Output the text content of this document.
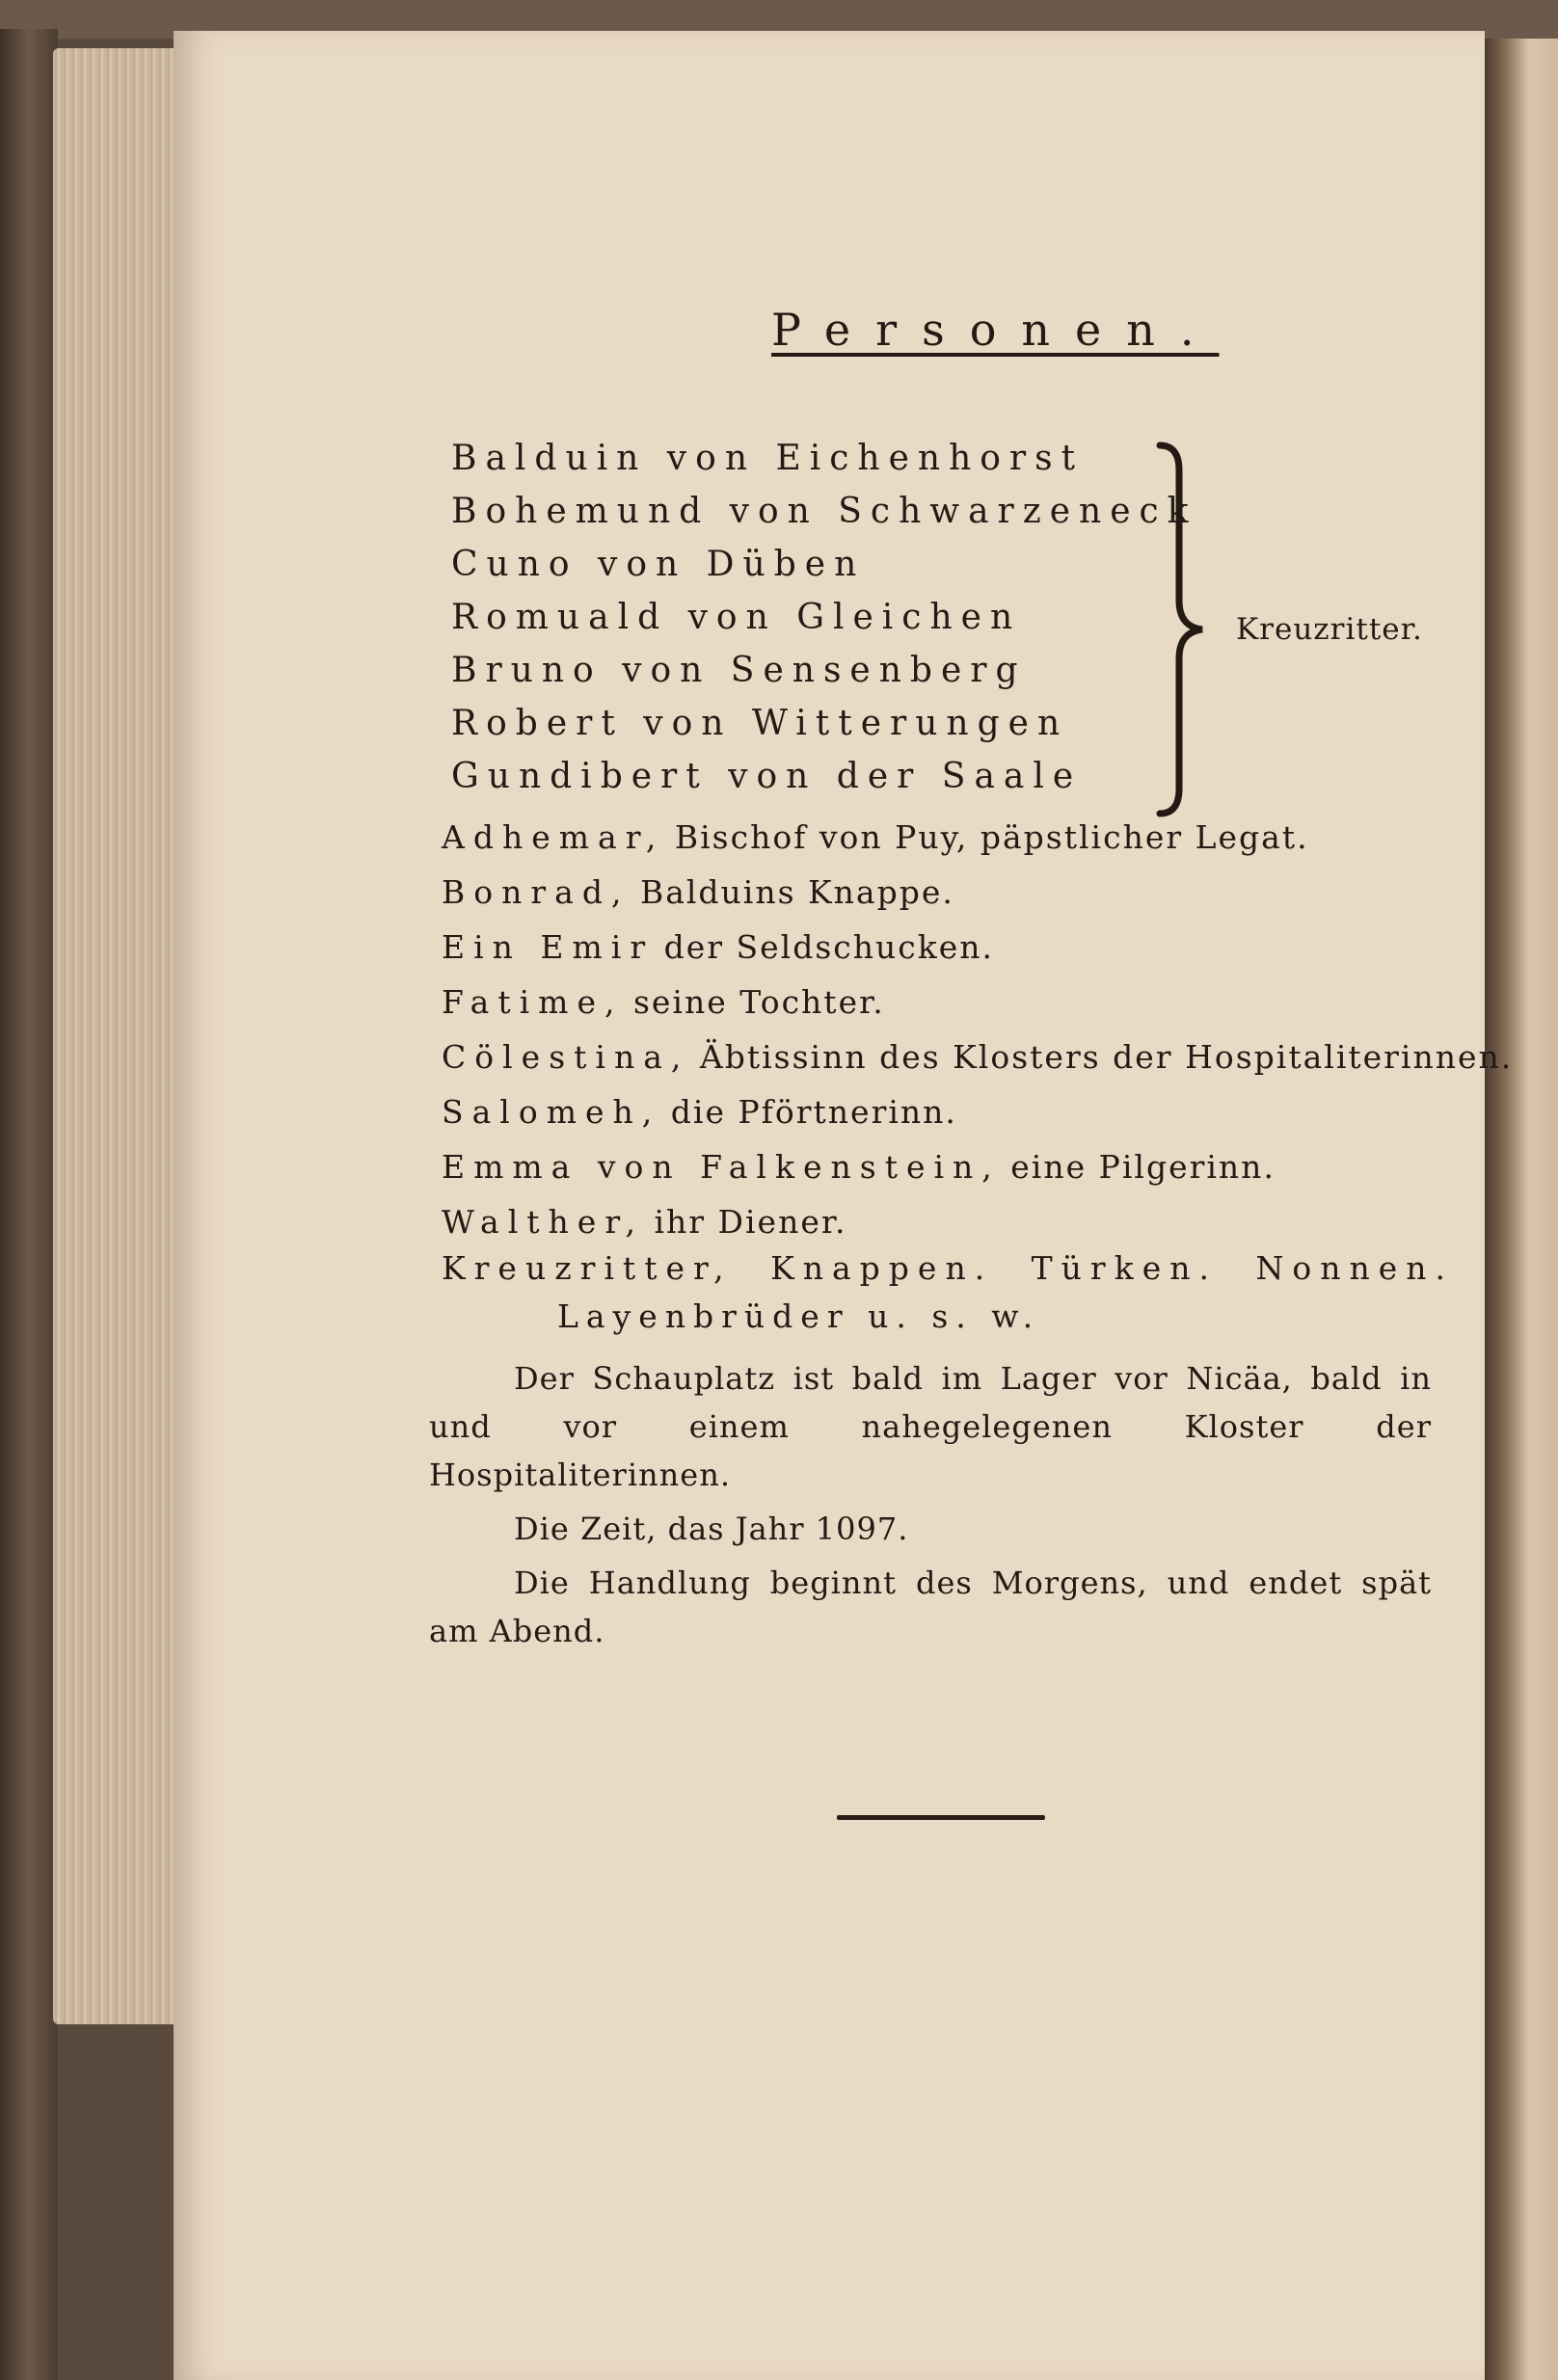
Personen.
Balduin von Eichenhorst
Bohemund von Schwarzeneck
Cuno von Düben
Romuald von Gleichen
Bruno von Sensenberg
Robert von Witterungen
Gundibert von der Saale
Kreuzritter.
Adhemar, Bischof von Puy, päpstlicher Legat.
Bonrad, Balduins Knappe.
Ein Emir der Seldschucken.
Fatime, seine Tochter.
Cölestina, Äbtissinn des Klosters der Hospitaliterinnen.
Salomeh, die Pförtnerinn.
Emma von Falkenstein, eine Pilgerinn.
Walther, ihr Diener.
Kreuzritter, Knappen. Türken. Nonnen.
Layenbrüder u. s. w.

Der Schauplatz ist bald im Lager vor Nicäa, bald in und vor einem nahegelegenen Kloster der Hospitaliterinnen.

Die Zeit, das Jahr 1097.

Die Handlung beginnt des Morgens, und endet spät am Abend.
